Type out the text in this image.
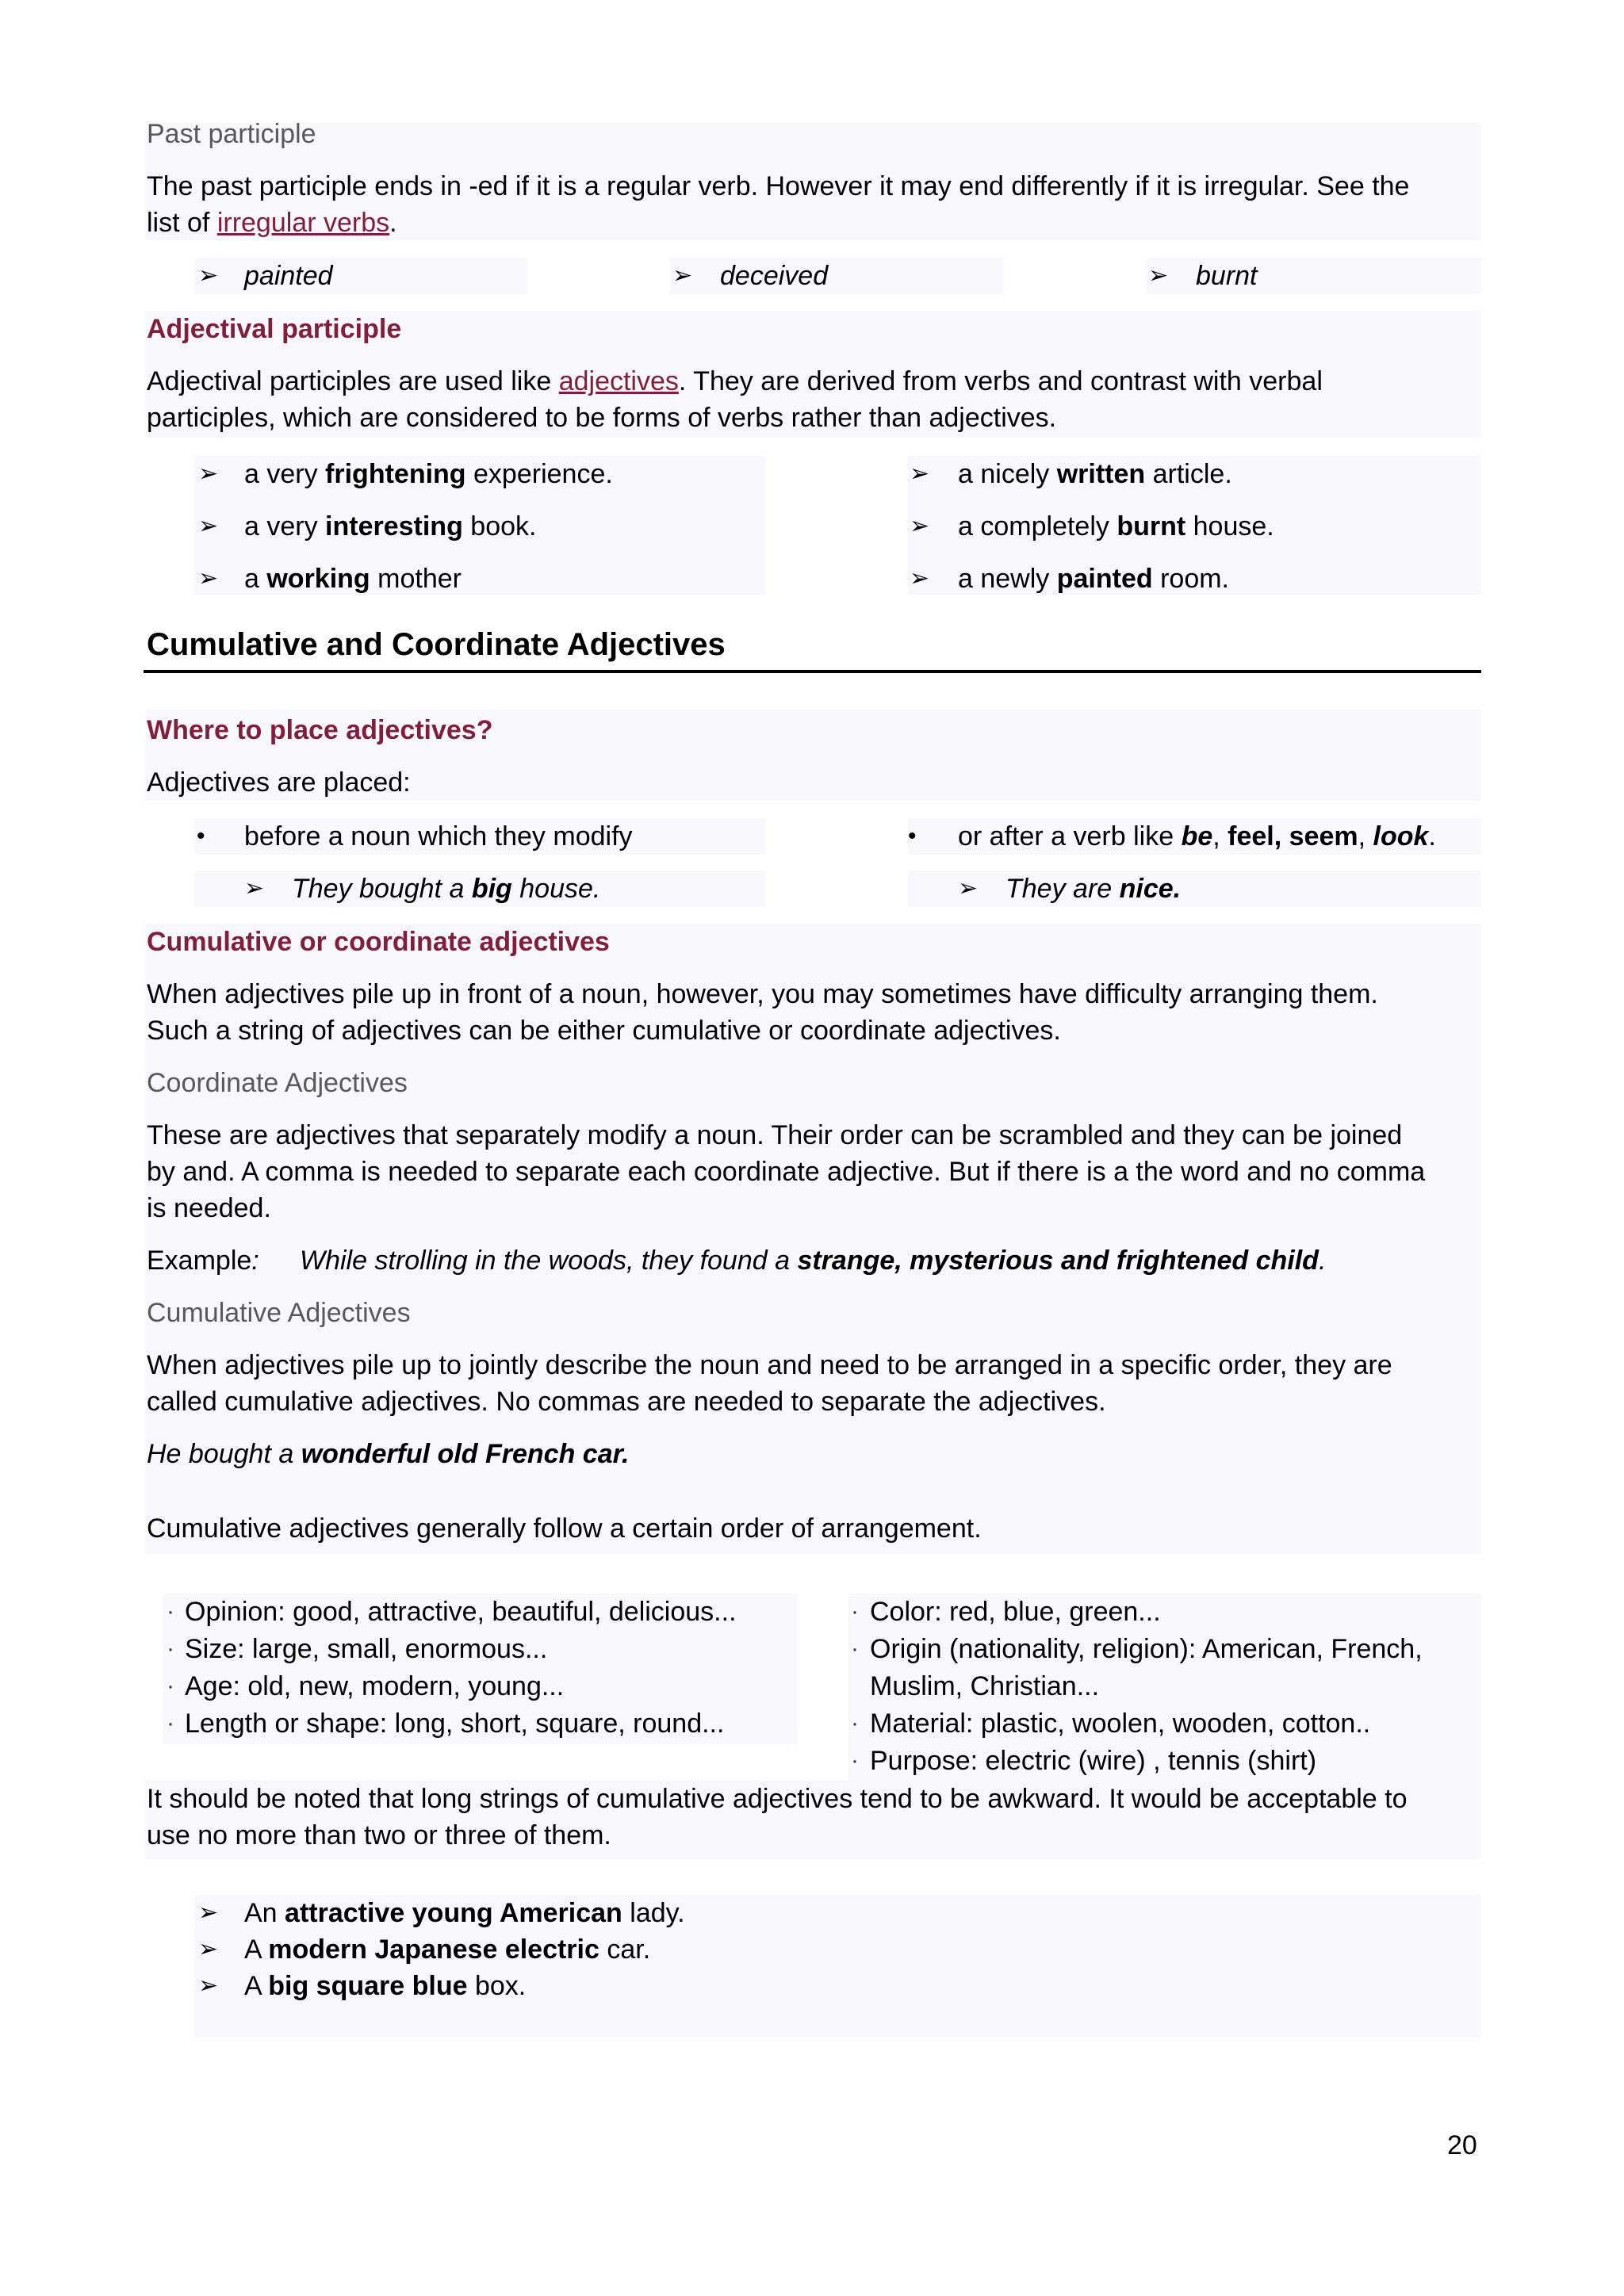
Past participle
The past participle ends in -ed if it is a regular verb. However it may end differently if it is irregular. See the
list of irregular verbs.
➢ painted	➢ deceived	➢ burnt
Adjectival participle
Adjectival participles are used like adjectives. They are derived from verbs and contrast with verbal
participles, which are considered to be forms of verbs rather than adjectives.
➢ a very frightening experience.
➢ a very interesting book.
➢ a working mother
➢ a nicely written article.
➢ a completely burnt house.
➢ a newly painted room.
Cumulative and Coordinate Adjectives
Where to place adjectives?
Adjectives are placed:
• before a noun which they modify
➢ They bought a big house.
• or after a verb like be, feel, seem, look.
➢ They are nice.
Cumulative or coordinate adjectives
When adjectives pile up in front of a noun, however, you may sometimes have difficulty arranging them.
Such a string of adjectives can be either cumulative or coordinate adjectives.
Coordinate Adjectives
These are adjectives that separately modify a noun. Their order can be scrambled and they can be joined
by and. A comma is needed to separate each coordinate adjective. But if there is a the word and no comma
is needed.
Example: While strolling in the woods, they found a strange, mysterious and frightened child.
Cumulative Adjectives
When adjectives pile up to jointly describe the noun and need to be arranged in a specific order, they are
called cumulative adjectives. No commas are needed to separate the adjectives.
He bought a wonderful old French car.
Cumulative adjectives generally follow a certain order of arrangement.
· Opinion: good, attractive, beautiful, delicious...
· Size: large, small, enormous...
· Age: old, new, modern, young...
· Length or shape: long, short, square, round...
· Color: red, blue, green...
· Origin (nationality, religion): American, French,
Muslim, Christian...
· Material: plastic, woolen, wooden, cotton..
· Purpose: electric (wire) , tennis (shirt)
It should be noted that long strings of cumulative adjectives tend to be awkward. It would be acceptable to
use no more than two or three of them.
➢ An attractive young American lady.
➢ A modern Japanese electric car.
➢ A big square blue box.
20
